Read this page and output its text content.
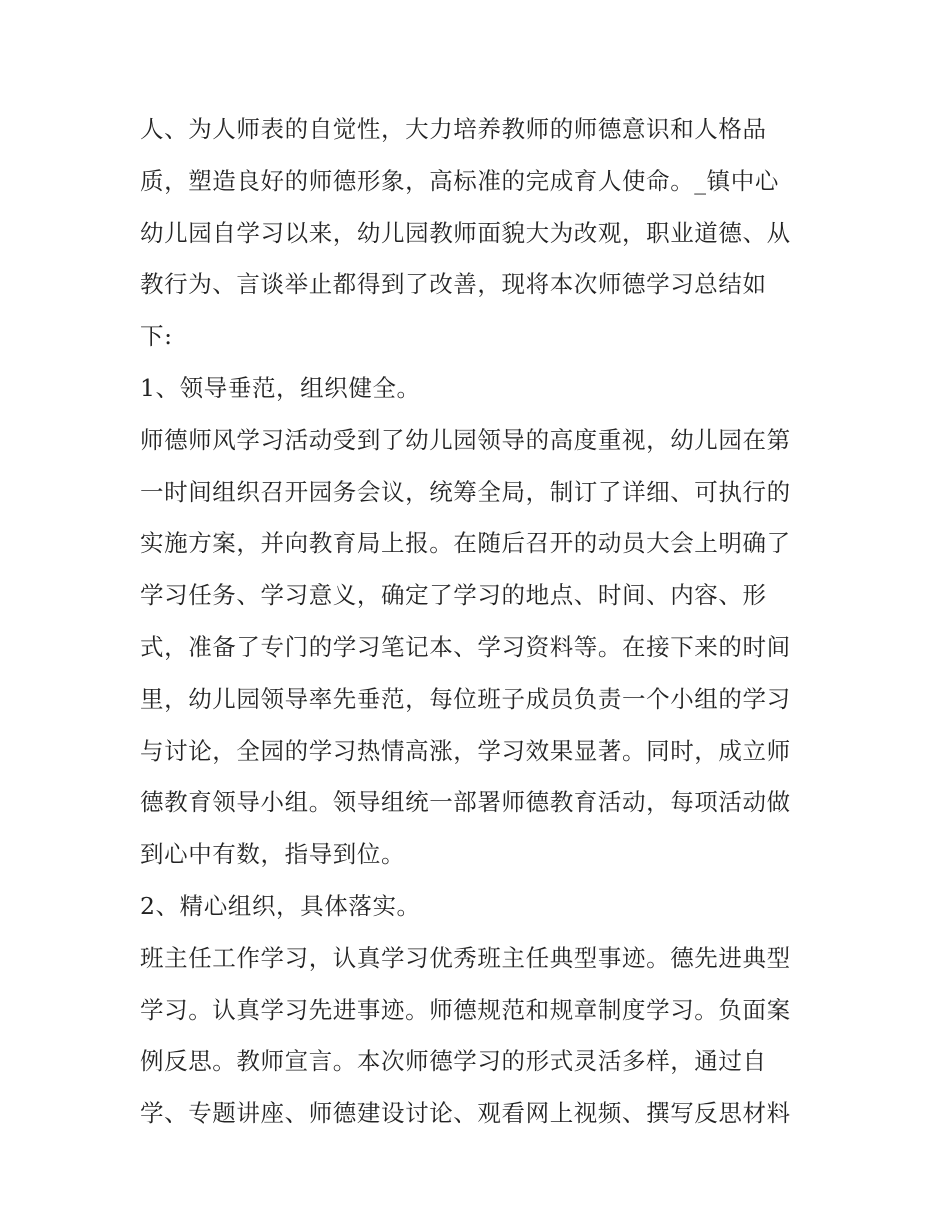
人、为人师表的自觉性，大力培养教师的师德意识和人格品
质，塑造良好的师德形象，高标准的完成育人使命。_镇中心
幼儿园自学习以来，幼儿园教师面貌大为改观，职业道德、从
教行为、言谈举止都得到了改善，现将本次师德学习总结如
下:
1、领导垂范，组织健全。
师德师风学习活动受到了幼儿园领导的高度重视，幼儿园在第
一时间组织召开园务会议，统筹全局，制订了详细、可执行的
实施方案，并向教育局上报。在随后召开的动员大会上明确了
学习任务、学习意义，确定了学习的地点、时间、内容、形
式，准备了专门的学习笔记本、学习资料等。在接下来的时间
里，幼儿园领导率先垂范，每位班子成员负责一个小组的学习
与讨论，全园的学习热情高涨，学习效果显著。同时，成立师
德教育领导小组。领导组统一部署师德教育活动，每项活动做
到心中有数，指导到位。
2、精心组织，具体落实。
班主任工作学习，认真学习优秀班主任典型事迹。德先进典型
学习。认真学习先进事迹。师德规范和规章制度学习。负面案
例反思。教师宣言。本次师德学习的形式灵活多样，通过自
学、专题讲座、师德建设讨论、观看网上视频、撰写反思材料
